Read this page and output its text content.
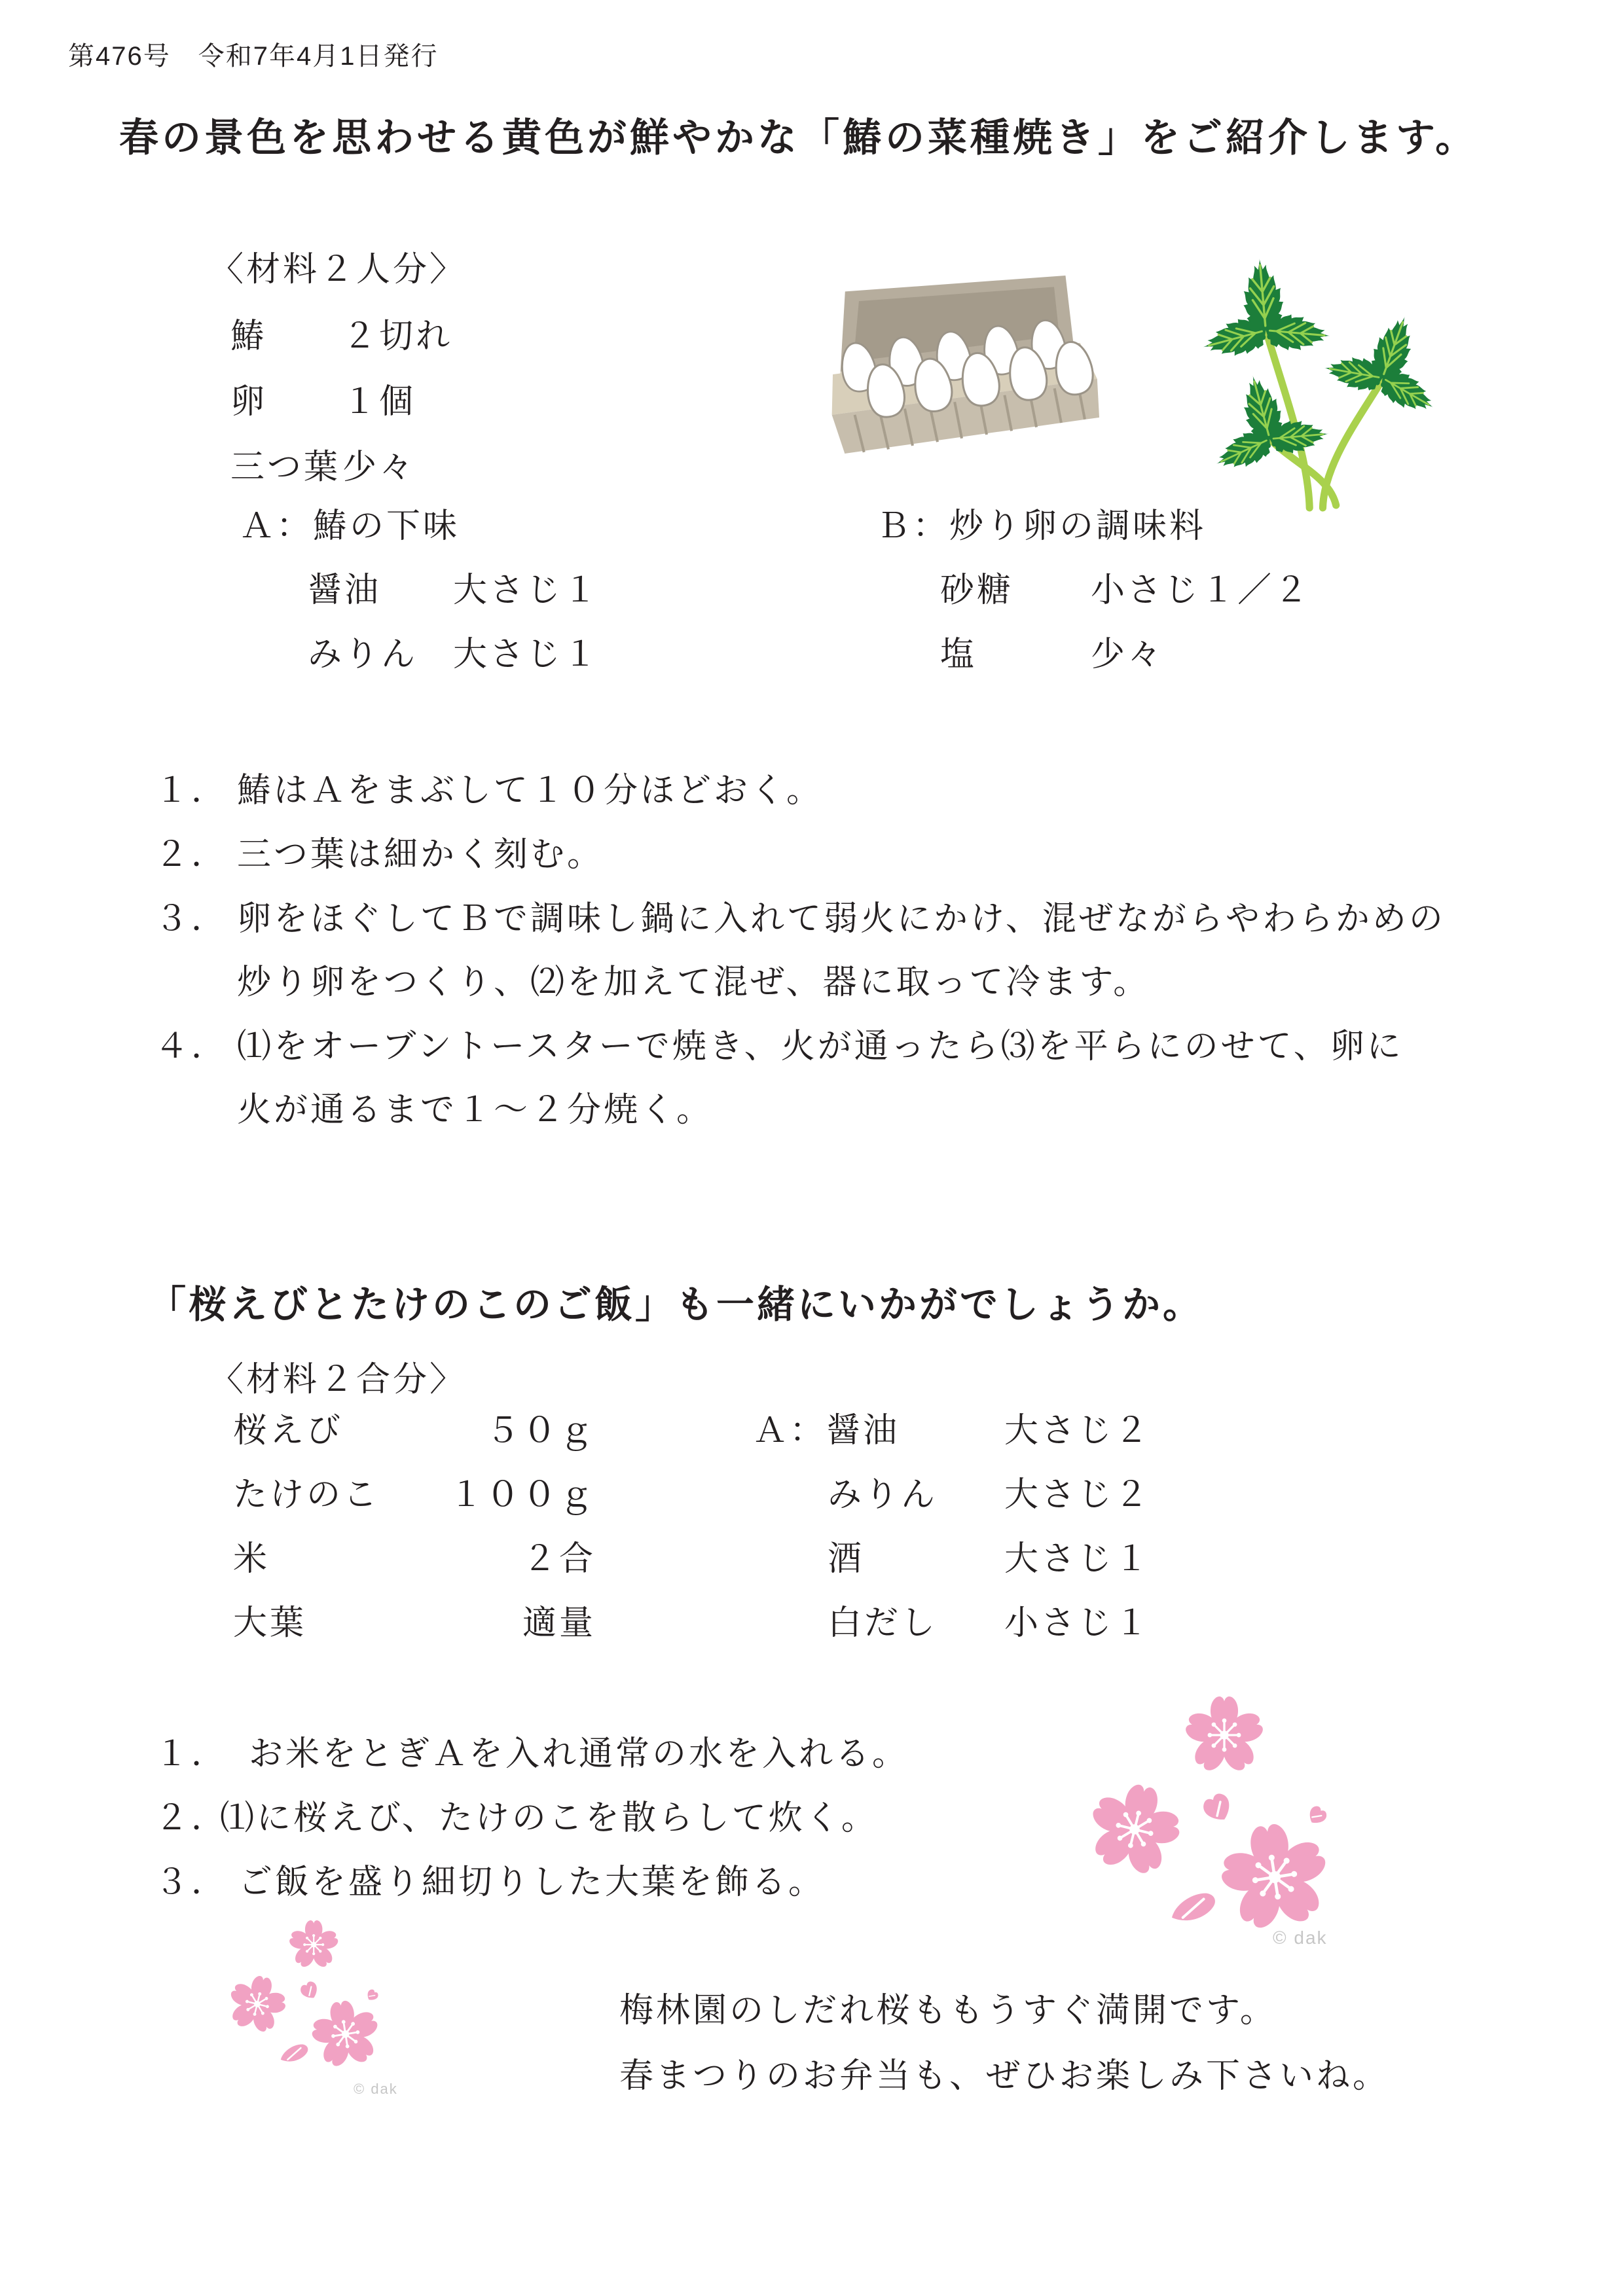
第476号　令和7年4月1日発行
春の景色を思わせる黄色が鮮やかな「鰆の菜種焼き」をご紹介します。
〈材料２人分〉
鰆 ２切れ
卵 １個
三つ葉 少々
Ａ：鰆の下味
醤油 大さじ１
みりん 大さじ１
Ｂ：炒り卵の調味料
砂糖 小さじ１／２
塩	少々
１． 鰆はＡをまぶして１０分ほどおく。
２． 三つ葉は細かく刻む。
３． 卵をほぐしてＢで調味し鍋に入れて弱火にかけ、混ぜながらやわらかめの
炒り卵をつくり、⑵を加えて混ぜ、器に取って冷ます。
４． ⑴をオーブントースターで焼き、火が通ったら⑶を平らにのせて、卵に
火が通るまで１～２分焼く。
「桜えびとたけのこのご飯」も一緒にいかがでしょうか。
〈材料２合分〉
桜えび	５０ｇ
たけのこ	１００ｇ
米	２合
大葉	適量
Ａ：醤油	大さじ２
みりん 大さじ２
酒	大さじ１
白だし 小さじ１
１． お米をとぎＡを入れ通常の水を入れる。
２．
⑴に桜えび、たけのこを散らして炊く。
３． ご飯を盛り細切りした大葉を飾る。
梅林園のしだれ桜ももうすぐ満開です。
春まつりのお弁当も、ぜひお楽しみ下さいね。
© dak
© dak
